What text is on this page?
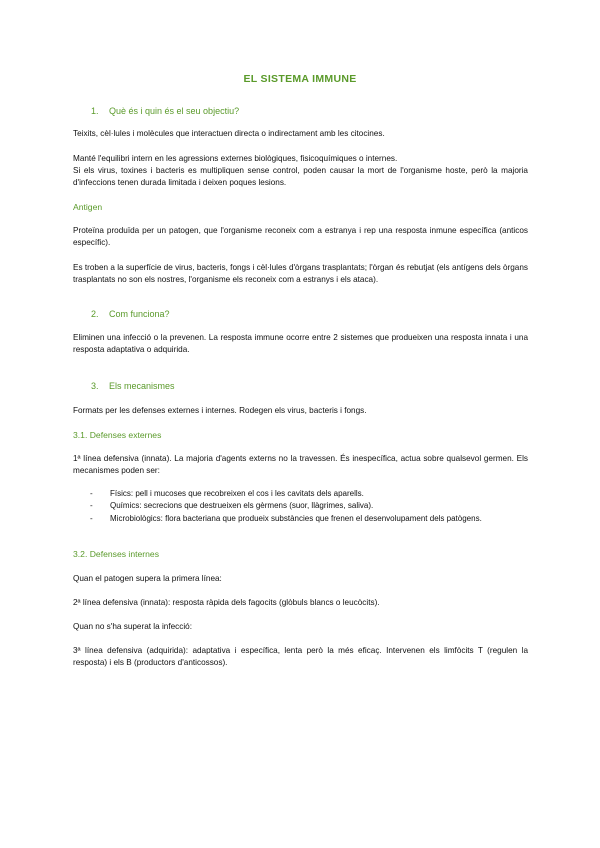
EL SISTEMA IMMUNE
1. Què és i quin és el seu objectiu?
Teixits, cèl·lules i molècules que interactuen directa o indirectament amb les citocines.
Manté l'equilibri intern en les agressions externes biològiques, fisicoquímiques o internes.
Si els virus, toxines i bacteris es multipliquen sense control, poden causar la mort de l'organisme hoste, però la majoria d'infeccions tenen durada limitada i deixen poques lesions.
Antigen
Proteïna produïda per un patogen, que l'organisme reconeix com a estranya i rep una resposta inmune específica (anticos específic).
Es troben a la superfície de virus, bacteris, fongs i cèl·lules d'òrgans trasplantats; l'òrgan és rebutjat (els antígens dels òrgans trasplantats no son els nostres, l'organisme els reconeix com a estranys i els ataca).
2. Com funciona?
Eliminen una infecció o la prevenen. La resposta immune ocorre entre 2 sistemes que produeixen una resposta innata i una resposta adaptativa o adquirida.
3. Els mecanismes
Formats per les defenses externes i internes. Rodegen els virus, bacteris i fongs.
3.1. Defenses externes
1ª línea defensiva (innata). La majoria d'agents externs no la travessen. És inespecífica, actua sobre qualsevol germen. Els mecanismes poden ser:
- Físics: pell i mucoses que recobreixen el cos i les cavitats dels aparells.
- Químics: secrecions que destrueixen els gèrmens (suor, llàgrimes, saliva).
- Microbiològics: flora bacteriana que produeix substàncies que frenen el desenvolupament dels patògens.
3.2. Defenses internes
Quan el patogen supera la primera línea:
2ª línea defensiva (innata): resposta ràpida dels fagocits (glòbuls blancs o leucòcits).
Quan no s'ha superat la infecció:
3ª línea defensiva (adquirida): adaptativa i específica, lenta però la més eficaç. Intervenen els limfòcits T (regulen la resposta) i els B (productors d'anticossos).
